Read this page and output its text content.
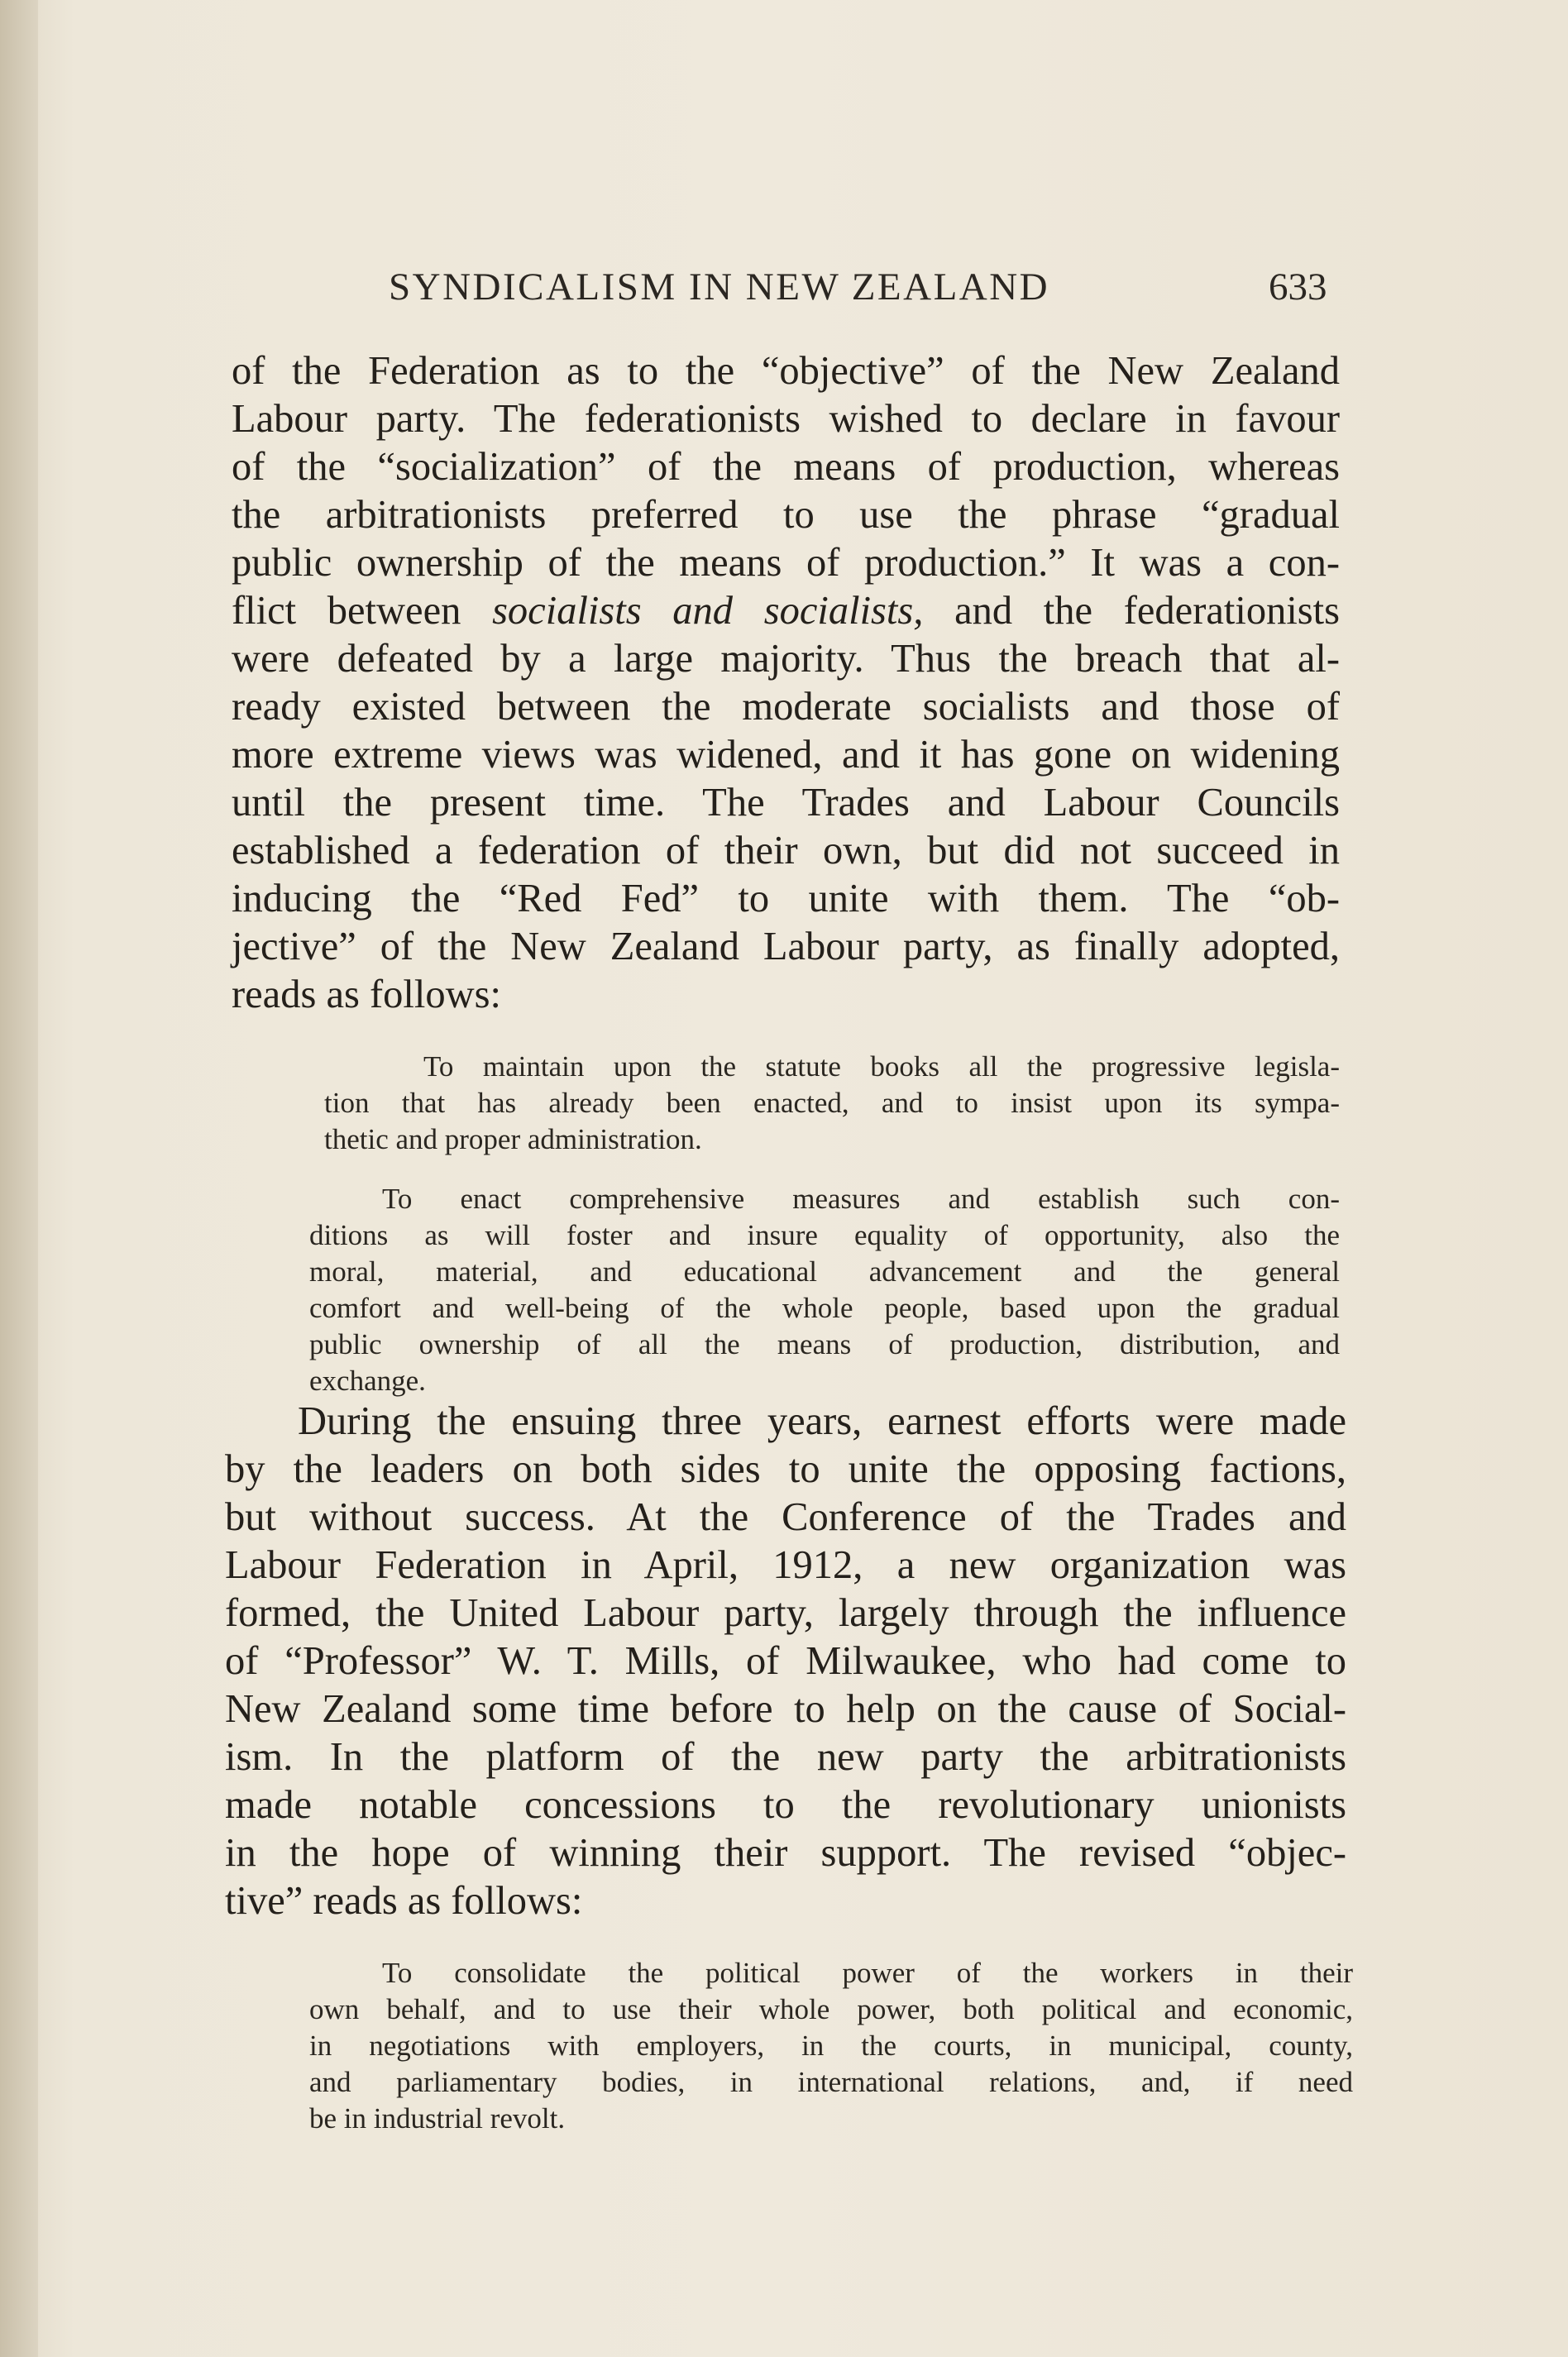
SYNDICALISM IN NEW ZEALAND	633
of the Federation as to the “objective” of the New Zealand
Labour party. The federationists wished to declare in favour
of the “socialization” of the means of production, whereas
the arbitrationists preferred to use the phrase “gradual
public ownership of the means of production.” It was a con-
flict between socialists and socialists, and the federationists
were defeated by a large majority. Thus the breach that al-
ready existed between the moderate socialists and those of
more extreme views was widened, and it has gone on widening
until the present time. The Trades and Labour Councils
established a federation of their own, but did not succeed in
inducing the “Red Fed” to unite with them. The “ob-
jective” of the New Zealand Labour party, as finally adopted,
reads as follows:
To maintain upon the statute books all the progressive legisla-
tion that has already been enacted, and to insist upon its sympa-
thetic and proper administration.
To enact comprehensive measures and establish such con-
ditions as will foster and insure equality of opportunity, also the
moral, material, and educational advancement and the general
comfort and well-being of the whole people, based upon the gradual
public ownership of all the means of production, distribution, and
exchange.
During the ensuing three years, earnest efforts were made
by the leaders on both sides to unite the opposing factions,
but without success. At the Conference of the Trades and
Labour Federation in April, 1912, a new organization was
formed, the United Labour party, largely through the influence
of “Professor” W. T. Mills, of Milwaukee, who had come to
New Zealand some time before to help on the cause of Social-
ism. In the platform of the new party the arbitrationists
made notable concessions to the revolutionary unionists
in the hope of winning their support. The revised “objec-
tive” reads as follows:
To consolidate the political power of the workers in their
own behalf, and to use their whole power, both political and economic,
in negotiations with employers, in the courts, in municipal, county,
and parliamentary bodies, in international relations, and, if need
be in industrial revolt.
